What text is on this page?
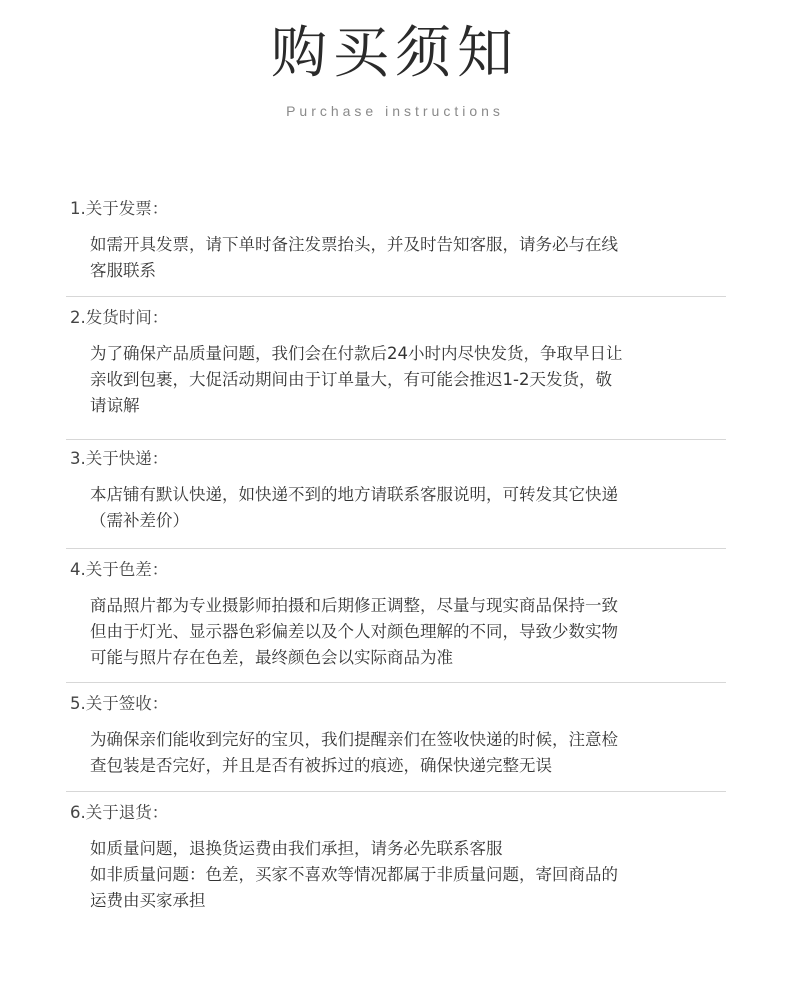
购买须知

Purchase instructions

1.关于发票：
如需开具发票，请下单时备注发票抬头，并及时告知客服，请务必与在线
客服联系
2.发货时间：
为了确保产品质量问题，我们会在付款后24小时内尽快发货，争取早日让
亲收到包裹，大促活动期间由于订单量大，有可能会推迟1-2天发货，敬
请谅解
3.关于快递：
本店铺有默认快递，如快递不到的地方请联系客服说明，可转发其它快递
（需补差价）
4.关于色差：
商品照片都为专业摄影师拍摄和后期修正调整，尽量与现实商品保持一致
但由于灯光、显示器色彩偏差以及个人对颜色理解的不同，导致少数实物
可能与照片存在色差，最终颜色会以实际商品为准
5.关于签收：
为确保亲们能收到完好的宝贝，我们提醒亲们在签收快递的时候，注意检
查包装是否完好，并且是否有被拆过的痕迹，确保快递完整无误
6.关于退货：
如质量问题，退换货运费由我们承担，请务必先联系客服
如非质量问题：色差，买家不喜欢等情况都属于非质量问题，寄回商品的
运费由买家承担
